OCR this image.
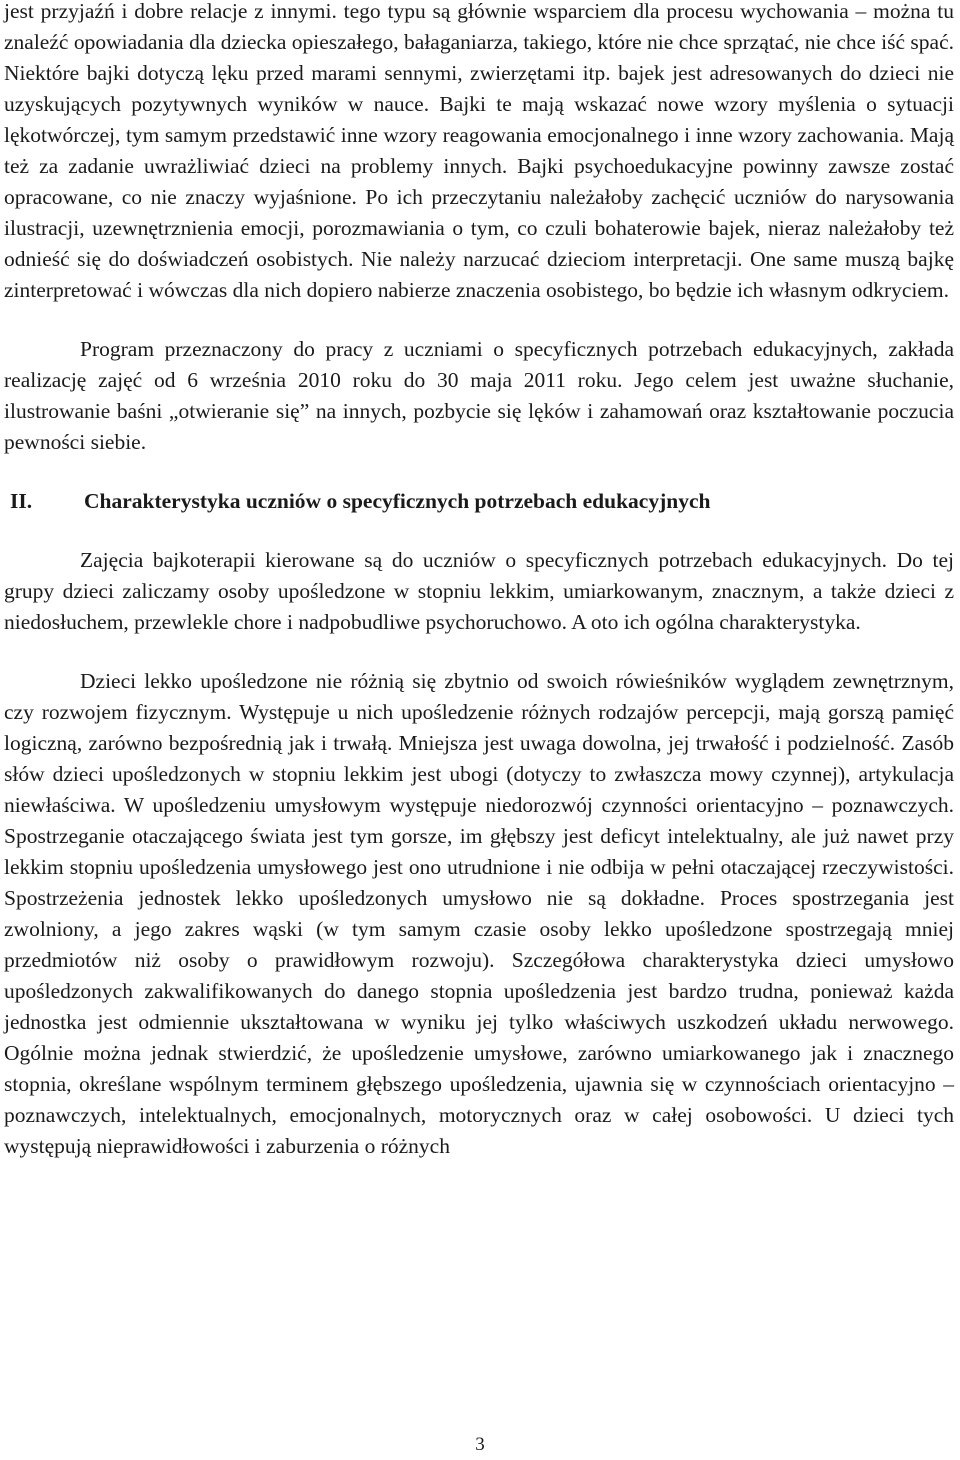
jest przyjaźń i dobre relacje z innymi. tego typu są głównie wsparciem dla procesu wychowania – można tu znaleźć opowiadania dla dziecka opieszałego, bałaganiarza, takiego, które nie chce sprzątać, nie chce iść spać. Niektóre bajki dotyczą lęku przed marami sennymi, zwierzętami itp. bajek jest adresowanych do dzieci nie uzyskujących pozytywnych wyników w nauce. Bajki te mają wskazać nowe wzory myślenia o sytuacji lękotwórczej, tym samym przedstawić inne wzory reagowania emocjonalnego i inne wzory zachowania. Mają też za zadanie uwrażliwiać dzieci na problemy innych. Bajki psychoedukacyjne powinny zawsze zostać opracowane, co nie znaczy wyjaśnione. Po ich przeczytaniu należałoby zachęcić uczniów do narysowania ilustracji, uzewnętrznienia emocji, porozmawiania o tym, co czuli bohaterowie bajek, nieraz należałoby też odnieść się do doświadczeń osobistych. Nie należy narzucać dzieciom interpretacji. One same muszą bajkę zinterpretować i wówczas dla nich dopiero nabierze znaczenia osobistego, bo będzie ich własnym odkryciem.

Program przeznaczony do pracy z uczniami o specyficznych potrzebach edukacyjnych, zakłada realizację zajęć od 6 września 2010 roku do 30 maja 2011 roku. Jego celem jest uważne słuchanie, ilustrowanie baśni „otwieranie się” na innych, pozbycie się lęków i zahamowań oraz kształtowanie poczucia pewności siebie.

II.	Charakterystyka uczniów o specyficznych potrzebach edukacyjnych

Zajęcia bajkoterapii kierowane są do uczniów o specyficznych potrzebach edukacyjnych. Do tej grupy dzieci zaliczamy osoby upośledzone w stopniu lekkim, umiarkowanym, znacznym, a także dzieci z niedosłuchem, przewlekle chore i nadpobudliwe psychoruchowo. A oto ich ogólna charakterystyka.

Dzieci lekko upośledzone nie różnią się zbytnio od swoich rówieśników wyglądem zewnętrznym, czy rozwojem fizycznym. Występuje u nich upośledzenie różnych rodzajów percepcji, mają gorszą pamięć logiczną, zarówno bezpośrednią jak i trwałą. Mniejsza jest uwaga dowolna, jej trwałość i podzielność. Zasób słów dzieci upośledzonych w stopniu lekkim jest ubogi (dotyczy to zwłaszcza mowy czynnej), artykulacja niewłaściwa. W upośledzeniu umysłowym występuje niedorozwój czynności orientacyjno – poznawczych. Spostrzeganie otaczającego świata jest tym gorsze, im głębszy jest deficyt intelektualny, ale już nawet przy lekkim stopniu upośledzenia umysłowego jest ono utrudnione i nie odbija w pełni otaczającej rzeczywistości. Spostrzeżenia jednostek lekko upośledzonych umysłowo nie są dokładne. Proces spostrzegania jest zwolniony, a jego zakres wąski (w tym samym czasie osoby lekko upośledzone spostrzegają mniej przedmiotów niż osoby o prawidłowym rozwoju). Szczegółowa charakterystyka dzieci umysłowo upośledzonych zakwalifikowanych do danego stopnia upośledzenia jest bardzo trudna, ponieważ każda jednostka jest odmiennie ukształtowana w wyniku jej tylko właściwych uszkodzeń układu nerwowego. Ogólnie można jednak stwierdzić, że upośledzenie umysłowe, zarówno umiarkowanego jak i znacznego stopnia, określane wspólnym terminem głębszego upośledzenia, ujawnia się w czynnościach orientacyjno – poznawczych, intelektualnych, emocjonalnych, motorycznych oraz w całej osobowości. U dzieci tych występują nieprawidłowości i zaburzenia o różnych

3
